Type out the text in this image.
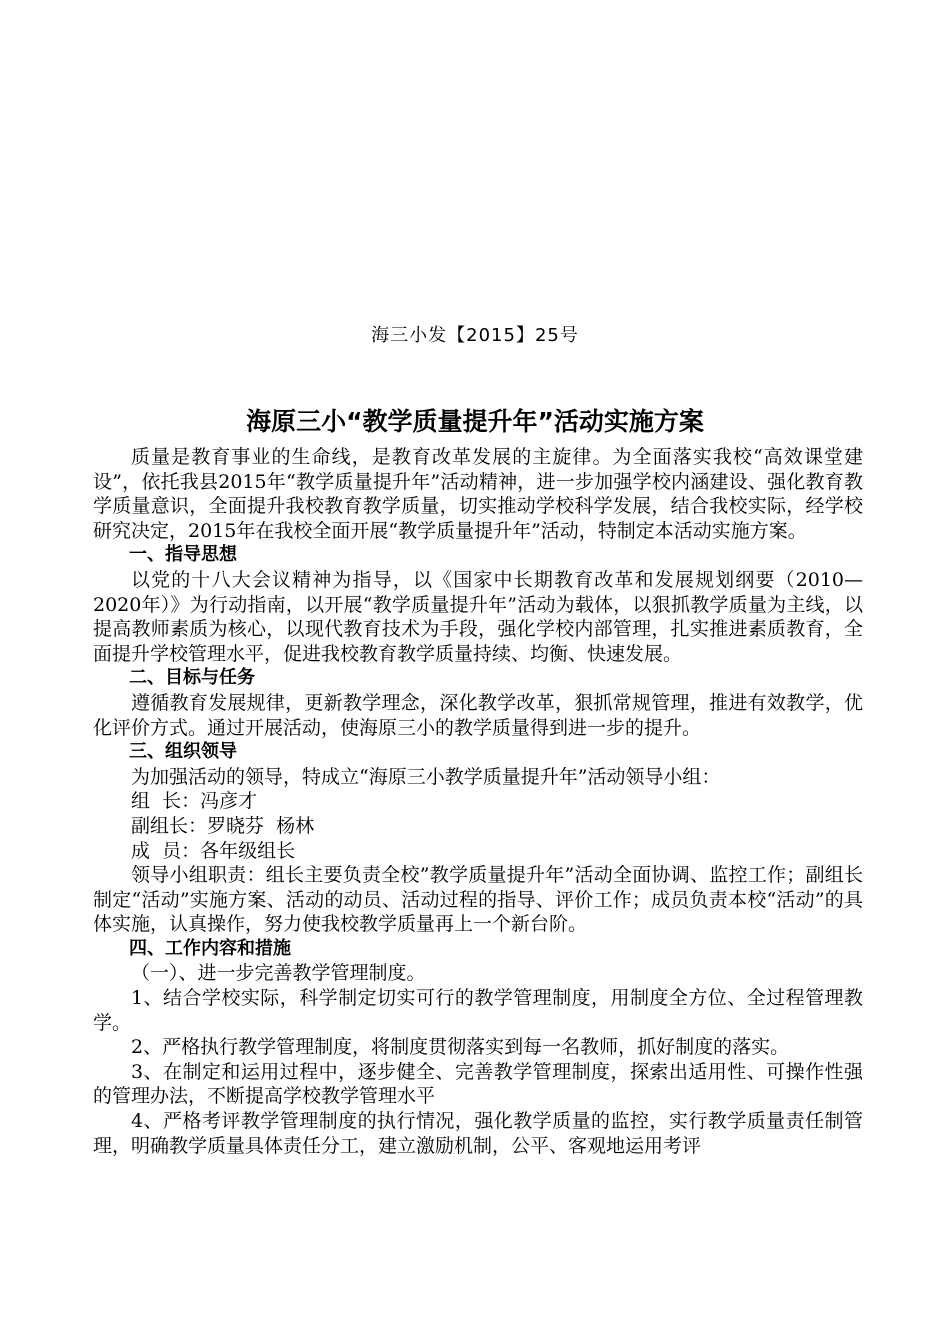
海三小发【2015】25号
海原三小“教学质量提升年”活动实施方案

质量是教育事业的生命线，是教育改革发展的主旋律。为全面落实我校“高效课堂建设”，依托我县2015年“教学质量提升年”活动精神，进一步加强学校内涵建设、强化教育教学质量意识，全面提升我校教育教学质量，切实推动学校科学发展，结合我校实际，经学校研究决定，2015年在我校全面开展“教学质量提升年”活动，特制定本活动实施方案。

一、指导思想

以党的十八大会议精神为指导，以《国家中长期教育改革和发展规划纲要（2010—2020年）》为行动指南，以开展“教学质量提升年”活动为载体，以狠抓教学质量为主线，以提高教师素质为核心，以现代教育技术为手段，强化学校内部管理，扎实推进素质教育，全面提升学校管理水平，促进我校教育教学质量持续、均衡、快速发展。

二、目标与任务

遵循教育发展规律，更新教学理念，深化教学改革，狠抓常规管理，推进有效教学，优化评价方式。通过开展活动，使海原三小的教学质量得到进一步的提升。

三、组织领导

为加强活动的领导，特成立“海原三小教学质量提升年”活动领导小组：

组  长：冯彦才

副组长：罗晓芬  杨林

成  员：各年级组长

领导小组职责：组长主要负责全校”教学质量提升年”活动全面协调、监控工作；副组长制定“活动”实施方案、活动的动员、活动过程的指导、评价工作；成员负责本校“活动”的具体实施，认真操作，努力使我校教学质量再上一个新台阶。

四、工作内容和措施

（一）、进一步完善教学管理制度。

1、结合学校实际，科学制定切实可行的教学管理制度，用制度全方位、全过程管理教学。

2、严格执行教学管理制度，将制度贯彻落实到每一名教师，抓好制度的落实。

3、在制定和运用过程中，逐步健全、完善教学管理制度，探索出适用性、可操作性强的管理办法，不断提高学校教学管理水平

4、严格考评教学管理制度的执行情况，强化教学质量的监控，实行教学质量责任制管理，明确教学质量具体责任分工，建立激励机制，公平、客观地运用考评
